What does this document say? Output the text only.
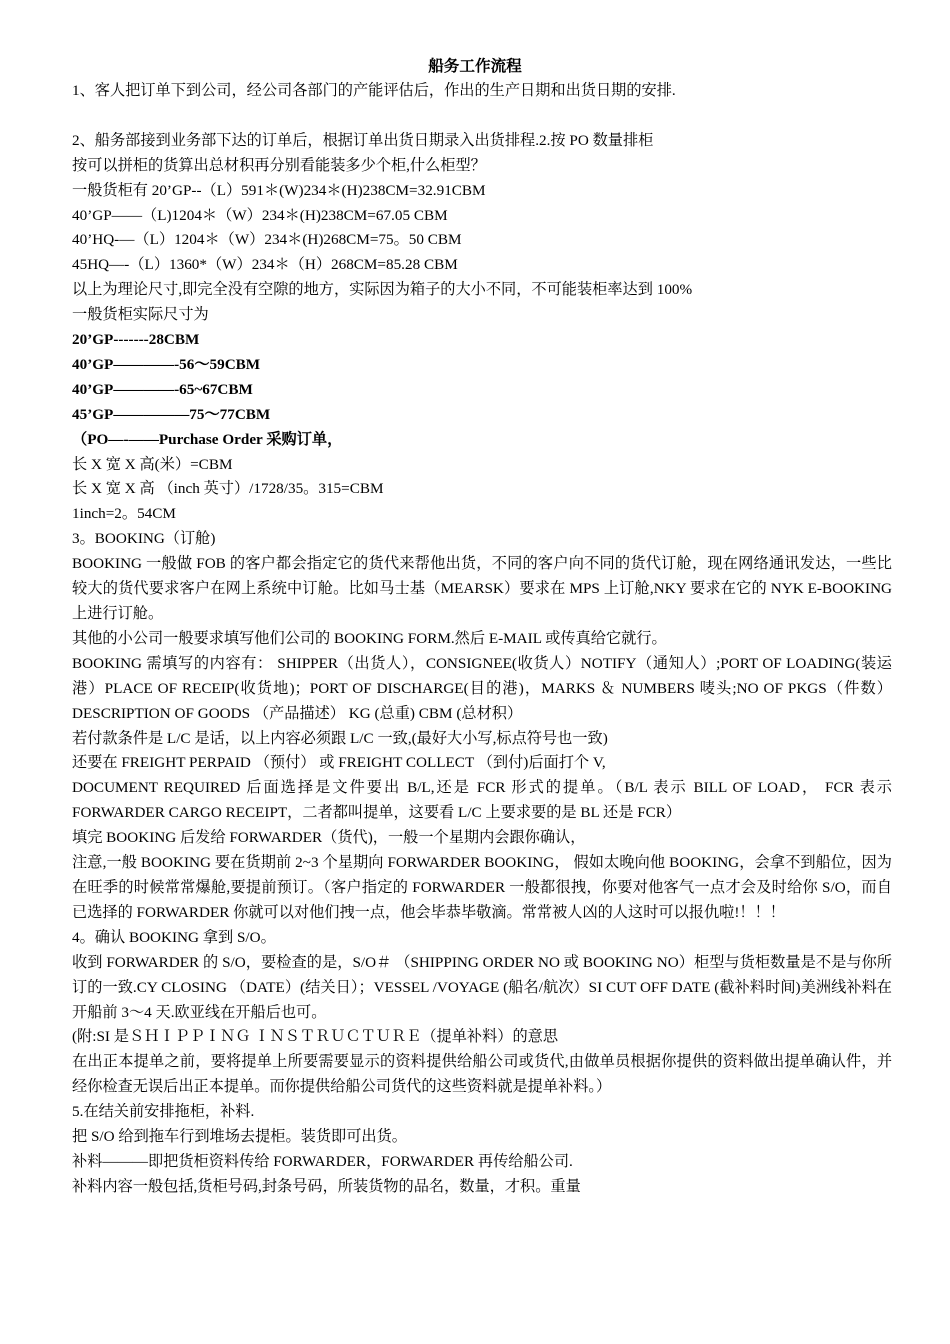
船务工作流程

1、客人把订单下到公司，经公司各部门的产能评估后，作出的生产日期和出货日期的安排.

2、船务部接到业务部下达的订单后，根据订单出货日期录入出货排程.2.按 PO 数量排柜

按可以拼柜的货算出总材积再分别看能装多少个柜,什么柜型？

一般货柜有 20’GP--（L）591＊(W)234＊(H)238CM=32.91CBM

40’GP——（L)1204＊（W）234＊(H)238CM=67.05 CBM

40’HQ-—（L）1204＊（W）234＊(H)268CM=75。50 CBM

45HQ—-（L）1360*（W）234＊（H）268CM=85.28 CBM

以上为理论尺寸,即完全没有空隙的地方，实际因为箱子的大小不同，不可能装柜率达到 100%

一般货柜实际尺寸为

20’GP-------28CBM

40’GP————-56～59CBM

40’GP————-65~67CBM

45’GP—————75～77CBM

（PO—-——Purchase Order 采购订单，

长 X 宽 X 高(米）=CBM

长 X 宽 X 高 （inch 英寸）/1728/35。315=CBM

1inch=2。54CM

3。BOOKING（订舱)

BOOKING 一般做 FOB 的客户都会指定它的货代来帮他出货，不同的客户向不同的货代订舱，现在网络通讯发达，一些比较大的货代要求客户在网上系统中订舱。比如马士基（MEARSK）要求在 MPS 上订舱,NKY 要求在它的 NYK E-BOOKING 上进行订舱。

其他的小公司一般要求填写他们公司的 BOOKING FORM.然后 E-MAIL 或传真给它就行。

BOOKING 需填写的内容有： SHIPPER（出货人），CONSIGNEE(收货人）NOTIFY（通知人）;PORT OF LOADING(装运港）PLACE OF RECEIP(收货地)；PORT OF DISCHARGE(目的港)，MARKS ＆ NUMBERS 唛头;NO OF PKGS（件数）DESCRIPTION OF GOODS （产品描述） KG (总重) CBM (总材积）

若付款条件是 L/C 是话，以上内容必须跟 L/C 一致,(最好大小写,标点符号也一致)

还要在 FREIGHT PERPAID （预付） 或 FREIGHT COLLECT （到付)后面打个 V,

DOCUMENT REQUIRED 后面选择是文件要出 B/L,还是 FCR 形式的提单。（B/L 表示 BILL OF LOAD， FCR 表示 FORWARDER CARGO RECEIPT，二者都叫提单，这要看 L/C 上要求要的是 BL 还是 FCR）

填完 BOOKING 后发给 FORWARDER（货代)，一般一个星期内会跟你确认，

注意,一般 BOOKING 要在货期前 2~3 个星期向 FORWARDER BOOKING， 假如太晚向他 BOOKING，会拿不到船位，因为在旺季的时候常常爆舱,要提前预订。（客户指定的 FORWARDER 一般都很拽，你要对他客气一点才会及时给你 S/O，而自已选择的 FORWARDER 你就可以对他们拽一点，他会毕恭毕敬滴。常常被人凶的人这时可以报仇啦!！！！

4。确认 BOOKING 拿到 S/O。

收到 FORWARDER 的 S/O，要检查的是，S/O＃ （SHIPPING ORDER NO 或 BOOKING NO）柜型与货柜数量是不是与你所订的一致.CY CLOSING （DATE）(结关日）；VESSEL /VOYAGE (船名/航次）SI CUT OFF DATE (截补料时间)美洲线补料在开船前 3～4 天.欧亚线在开船后也可。

(附:SI 是ＳＨＩＰＰＩＮＧ ＩＮＳＴＲＵＣＴＵＲＥ（提单补料）的意思

在出正本提单之前，要将提单上所要需要显示的资料提供给船公司或货代,由做单员根据你提供的资料做出提单确认件，并经你检查无误后出正本提单。而你提供给船公司货代的这些资料就是提单补料。）

5.在结关前安排拖柜，补料.

把 S/O 给到拖车行到堆场去提柜。装货即可出货。

补料———即把货柜资料传给 FORWARDER，FORWARDER 再传给船公司.

补料内容一般包括,货柜号码,封条号码，所装货物的品名，数量，才积。重量
